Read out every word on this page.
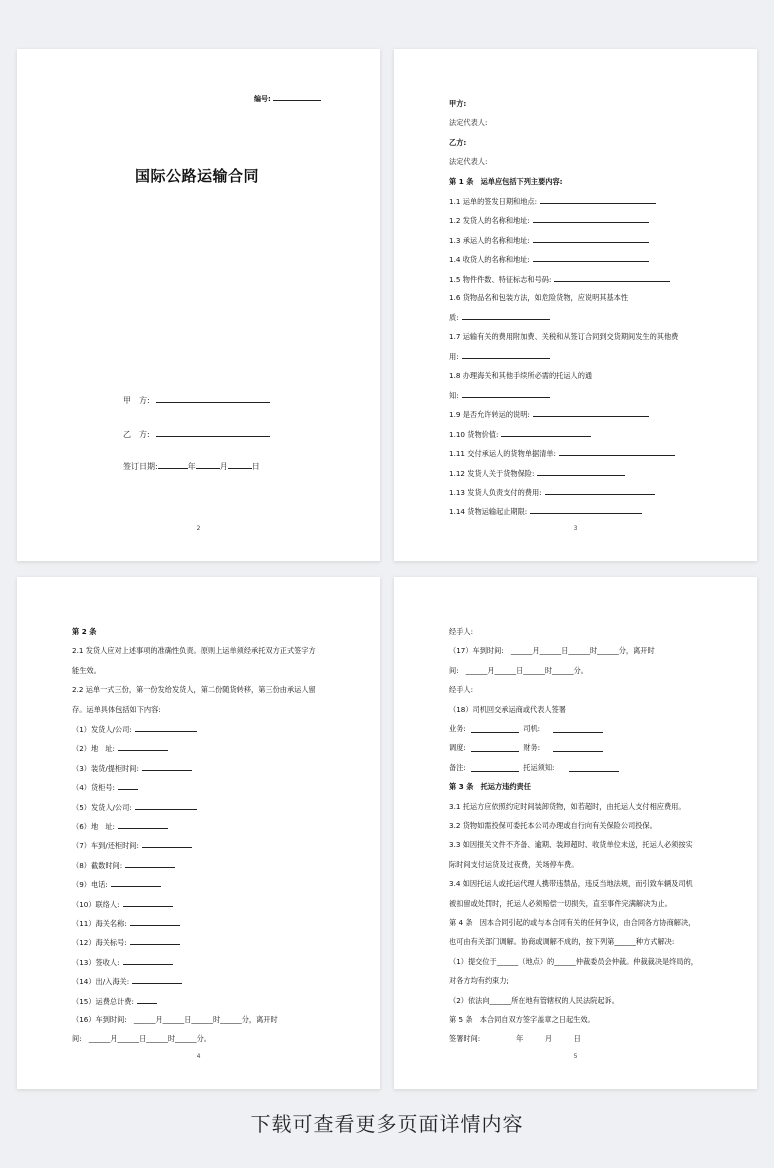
编号:
国际公路运输合同
甲　方:
乙　方:
签订日期:	年	月	日
2
甲方:
法定代表人:
乙方:
法定代表人:
第 1 条　运单应包括下列主要内容:
1.1 运单的签发日期和地点:
1.2 发货人的名称和地址:
1.3 承运人的名称和地址:
1.4 收货人的名称和地址:
1.5 物件件数、特征标志和号码:
1.6 货物品名和包装方法，如危险货物，应说明其基本性
质:
1.7 运输有关的费用附加费、关税和从签订合同到交货期间发生的其他费
用:
1.8 办理海关和其他手续所必需的托运人的通
知:
1.9 是否允许转运的说明:
1.10 货物价值:
1.11 交付承运人的货物单据清单:
1.12 发货人关于货物保险:
1.13 发货人负责支付的费用:
1.14 货物运输起止期限:
3
第 2 条
2.1 发货人应对上述事项的准确性负责。原则上运单须经承托双方正式签字方
能生效。
2.2 运单一式三份，第一份发给发货人，第二份随货转移，第三份由承运人留
存。运单具体包括如下内容:
（1）发货人/公司:
（2）地　址:
（3）装货/提柜时间:
（4）货柜号:
（5）发货人/公司:
（6）地　址:
（7）车到/还柜时间:
（8）截数时间:
（9）电话:
（10）联络人:
（11）海关名称:
（12）海关标号:
（13）签收人:
（14）出/入海关:
（15）运费总计费:
（16）车到时间:　______月______日______时______分，离开时
间:　______月______日______时______分。
4
经手人:
（17）车到时间:　______月______日______时______分，离开时
间:　______月______日______时______分。
经手人:
（18）司机回交承运商或代表人签署
业务:　　　　　　　　司机:
调度:　　　　　　　　财务:
备注:　　　　　　　　托运须知:
第 3 条　托运方违约责任
3.1 托运方应依照约定时间装卸货物，如若超时，由托运人支付相应费用。
3.2 货物如需投保可委托本公司办理或自行向有关保险公司投保。
3.3 如因报关文件不齐备、逾期、装卸超时、收货单位未送，托运人必须按实
际时间支付运货及过夜费，关场停车费。
3.4 如因托运人或托运代理人携带违禁品，违反当地法规，而引致车辆及司机
被扣留或处罚时，托运人必须赔偿一切损失，直至事件完满解决为止。
第 4 条　因本合同引起的或与本合同有关的任何争议，由合同各方协商解决，
也可由有关部门调解。协商或调解不成的，按下列第______种方式解决:
（1）提交位于______（地点）的______仲裁委员会仲裁。仲裁裁决是终局的，
对各方均有约束力;
（2）依法向______所在地有管辖权的人民法院起诉。
第 5 条　本合同自双方签字盖章之日起生效。
签署时间:　　　　　年　　　月　　　日
5
下载可查看更多页面详情内容
